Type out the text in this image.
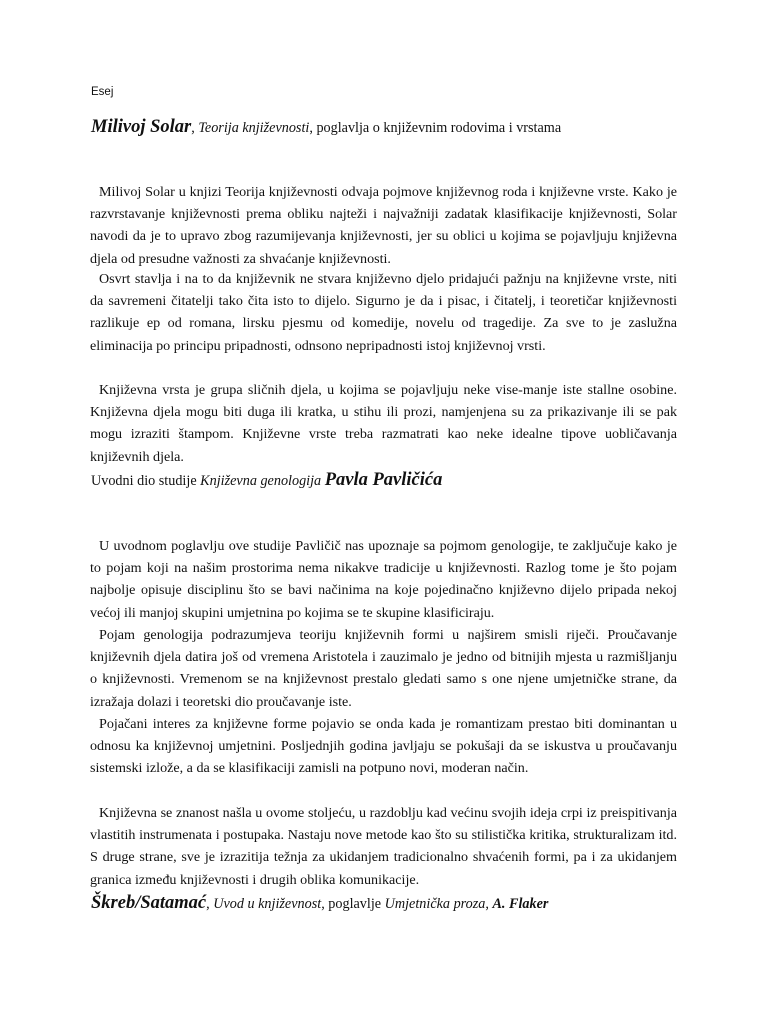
Esej
Milivoj Solar, Teorija književnosti, poglavlja o književnim rodovima i vrstama

Milivoj Solar u knjizi Teorija književnosti odvaja pojmove književnog roda i književne vrste. Kako je razvrstavanje književnosti prema obliku najteži i najvažniji zadatak klasifikacije književnosti, Solar navodi da je to upravo zbog razumijevanja književnosti, jer su oblici u kojima se pojavljuju književna djela od presudne važnosti za shvaćanje književnosti.

Osvrt stavlja i na to da književnik ne stvara književno djelo pridajući pažnju na književne vrste, niti da savremeni čitatelji tako čita isto to dijelo. Sigurno je da i pisac, i čitatelj, i teoretičar književnosti razlikuje ep od romana, lirsku pjesmu od komedije, novelu od tragedije. Za sve to je zaslužna eliminacija po principu pripadnosti, odnsono nepripadnosti istoj književnoj vrsti.

Književna vrsta je grupa sličnih djela, u kojima se pojavljuju neke vise-manje iste stallne osobine. Književna djela mogu biti duga ili kratka, u stihu ili prozi, namjenjena su za prikazivanje ili se pak mogu izraziti štampom. Književne vrste treba razmatrati kao neke idealne tipove uobličavanja književnih djela.

Uvodni dio studije Književna genologija Pavla Pavličića

U uvodnom poglavlju ove studije Pavličič nas upoznaje sa pojmom genologije, te zaključuje kako je to pojam koji na našim prostorima nema nikakve tradicije u književnosti. Razlog tome je što pojam najbolje opisuje disciplinu što se bavi načinima na koje pojedinačno književno dijelo pripada nekoj većoj ili manjoj skupini umjetnina po kojima se te skupine klasificiraju.

Pojam genologija podrazumjeva teoriju književnih formi u najširem smisli riječi. Proučavanje književnih djela datira još od vremena Aristotela i zauzimalo je jedno od bitnijih mjesta u razmišljanju o književnosti. Vremenom se na književnost prestalo gledati samo s one njene umjetničke strane, da izražaja dolazi i teoretski dio proučavanje iste.

Pojačani interes za književne forme pojavio se onda kada je romantizam prestao biti dominantan u odnosu ka književnoj umjetnini. Posljednjih godina javljaju se pokušaji da se iskustva u proučavanju sistemski izlože, a da se klasifikaciji zamisli na potpuno novi, moderan način.

Književna se znanost našla u ovome stoljeću, u razdoblju kad većinu svojih ideja crpi iz preispitivanja vlastitih instrumenata i postupaka. Nastaju nove metode kao što su stilistička kritika, strukturalizam itd. S druge strane, sve je izrazitija težnja za ukidanjem tradicionalno shvaćenih formi, pa i za ukidanjem granica između književnosti i drugih oblika komunikacije.

Škreb/Satamać, Uvod u književnost, poglavlje Umjetnička proza, A. Flaker
